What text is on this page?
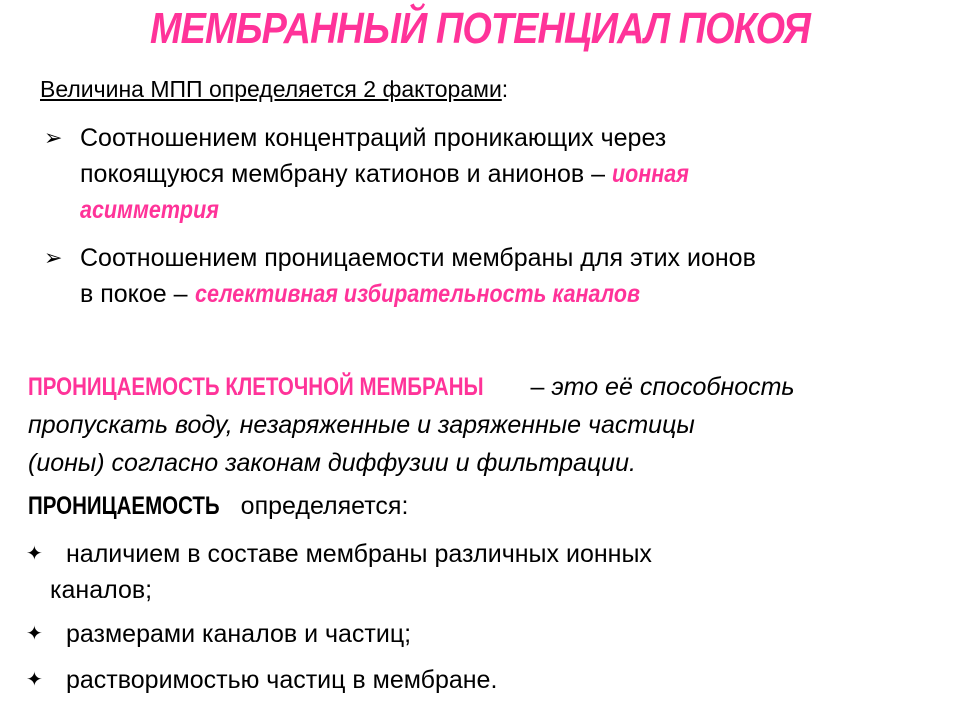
МЕМБРАННЫЙ ПОТЕНЦИАЛ ПОКОЯ
Величина МПП определяется 2 факторами:
➢ Соотношением концентраций проникающих через
покоящуюся мембрану катионов и анионов – ионная
асимметрия
➢ Соотношением проницаемости мембраны для этих ионов
в покое – селективная избирательность каналов
ПРОНИЦАЕМОСТЬ КЛЕТОЧНОЙ МЕМБРАНЫ – это её способность
пропускать воду, незаряженные и заряженные частицы
(ионы) согласно законам диффузии и фильтрации.
ПРОНИЦАЕМОСТЬ определяется:
✦ наличием в составе мембраны различных ионных
каналов;
✦ размерами каналов и частиц;
✦ растворимостью частиц в мембране.
